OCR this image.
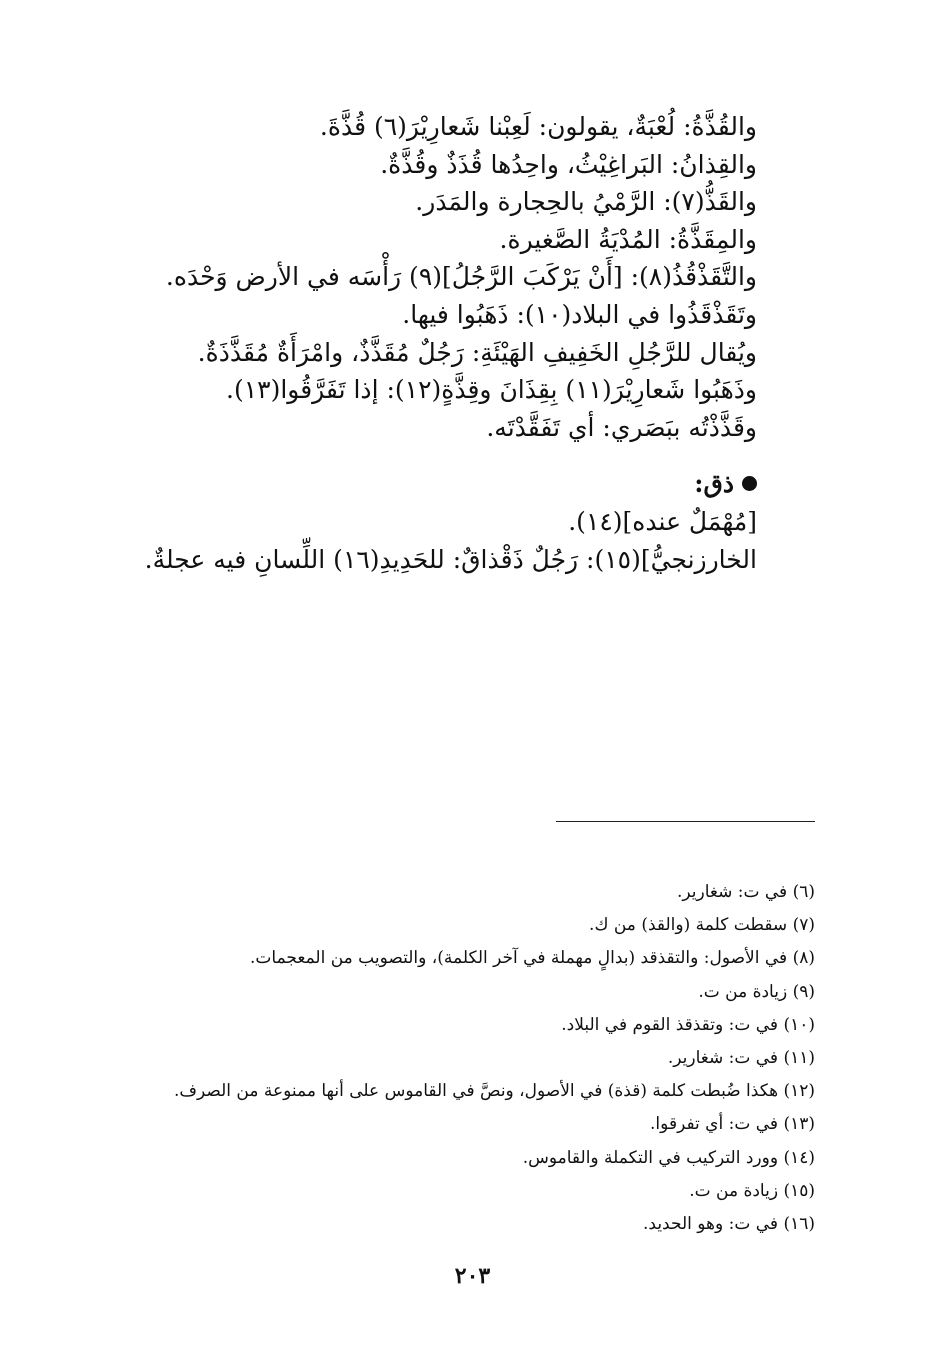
والقُذَّةُ: لُعْبَةٌ، يقولون: لَعِبْنا شَعارِيْرَ(٦) قُذَّةَ.
والقِذانُ: البَراغِيْثُ، واحِدُها قُذَذٌ وقُذَّةٌ.
والقَذُّ(٧): الرَّمْيُ بالحِجارة والمَدَر.
والمِقَذَّةُ: المُدْيَةُ الصَّغيرة.
والتَّقَذْقُذُ(٨): [أَنْ يَرْكَبَ الرَّجُلُ](٩) رَأْسَه في الأرض وَحْدَه.
وتَقَذْقَذُوا في البلاد(١٠): ذَهَبُوا فيها.
ويُقال للرَّجُلِ الخَفِيفِ الهَيْئَةِ: رَجُلٌ مُقَذَّذٌ، وامْرَأَةٌ مُقَذَّذَةٌ.
وذَهَبُوا شَعارِيْرَ(١١) بِقِذَانَ وقِذَّةٍ(١٢): إذا تَفَرَّقُوا(١٣).
وقَذَّذْتُه ببَصَري: أي تَفَقَّدْتَه.
ذق:
[مُهْمَلٌ عنده](١٤).
الخارزنجيُّ](١٥): رَجُلٌ ذَقْذاقٌ: للحَدِيدِ(١٦) اللِّسانِ فيه عجلةٌ.
(٦) في ت: شغارير.
(٧) سقطت كلمة (والقذ) من ك.
(٨) في الأصول: والتقذقد (بدالٍ مهملة في آخر الكلمة)، والتصويب من المعجمات.
(٩) زيادة من ت.
(١٠) في ت: وتقذقذ القوم في البلاد.
(١١) في ت: شغارير.
(١٢) هكذا ضُبطت كلمة (قذة) في الأصول، ونصَّ في القاموس على أنها ممنوعة من الصرف.
(١٣) في ت: أي تفرقوا.
(١٤) وورد التركيب في التكملة والقاموس.
(١٥) زيادة من ت.
(١٦) في ت: وهو الحديد.
٢٠٣
